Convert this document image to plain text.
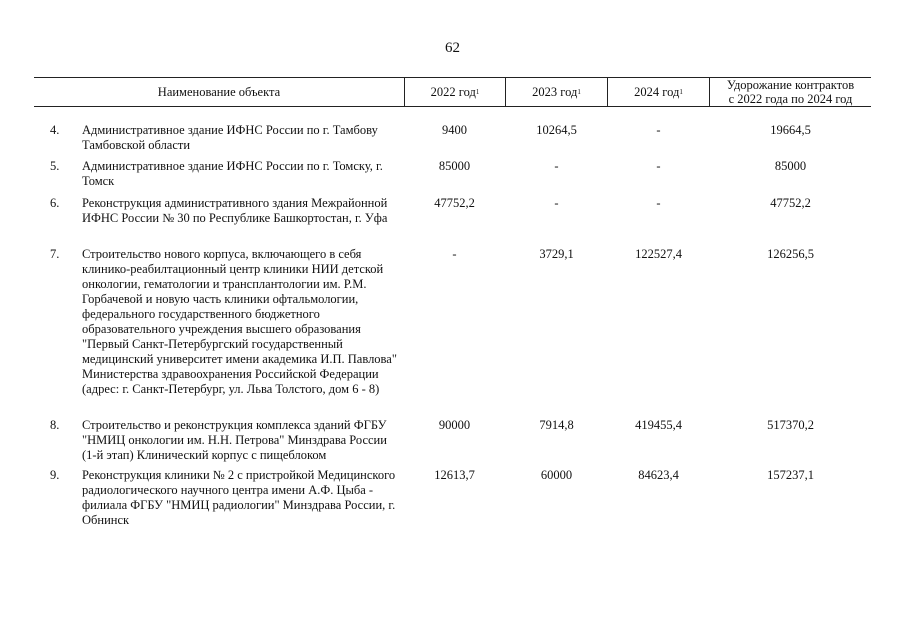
62
Наименование объекта	2022 год 1	2023 год 1	2024 год 1	Удорожание контрактов с 2022 года по 2024 год
4. Административное здание ИФНС России по г. Тамбову Тамбовской области
9400	10264,5	-	19664,5
5. Административное здание ИФНС России по г. Томску, г. Томск
85000	-	-	85000
6. Реконструкция административного здания Межрайонной ИФНС России № 30 по Республике Башкортостан, г. Уфа
47752,2	-	-	47752,2
7. Строительство нового корпуса, включающего в себя клинико-реабилтационный центр клиники НИИ детской онкологии, гематологии и трансплантологии им. Р.М. Горбачевой и новую часть клиники офтальмологии, федерального государственного бюджетного образовательного учреждения высшего образования "Первый Санкт-Петербургский государственный медицинский университет имени академика И.П. Павлова" Министерства здравоохранения Российской Федерации (адрес: г. Санкт-Петербург, ул. Льва Толстого, дом 6 - 8)
-	3729,1	122527,4	126256,5
8. Строительство и реконструкция комплекса зданий ФГБУ "НМИЦ онкологии им. Н.Н. Петрова" Минздрава России (1-й этап) Клинический корпус с пищеблоком
90000	7914,8	419455,4	517370,2
9. Реконструкция клиники № 2 с пристройкой Медицинского радиологического научного центра имени А.Ф. Цыба - филиала ФГБУ "НМИЦ радиологии" Минздрава России, г. Обнинск
12613,7	60000	84623,4	157237,1
